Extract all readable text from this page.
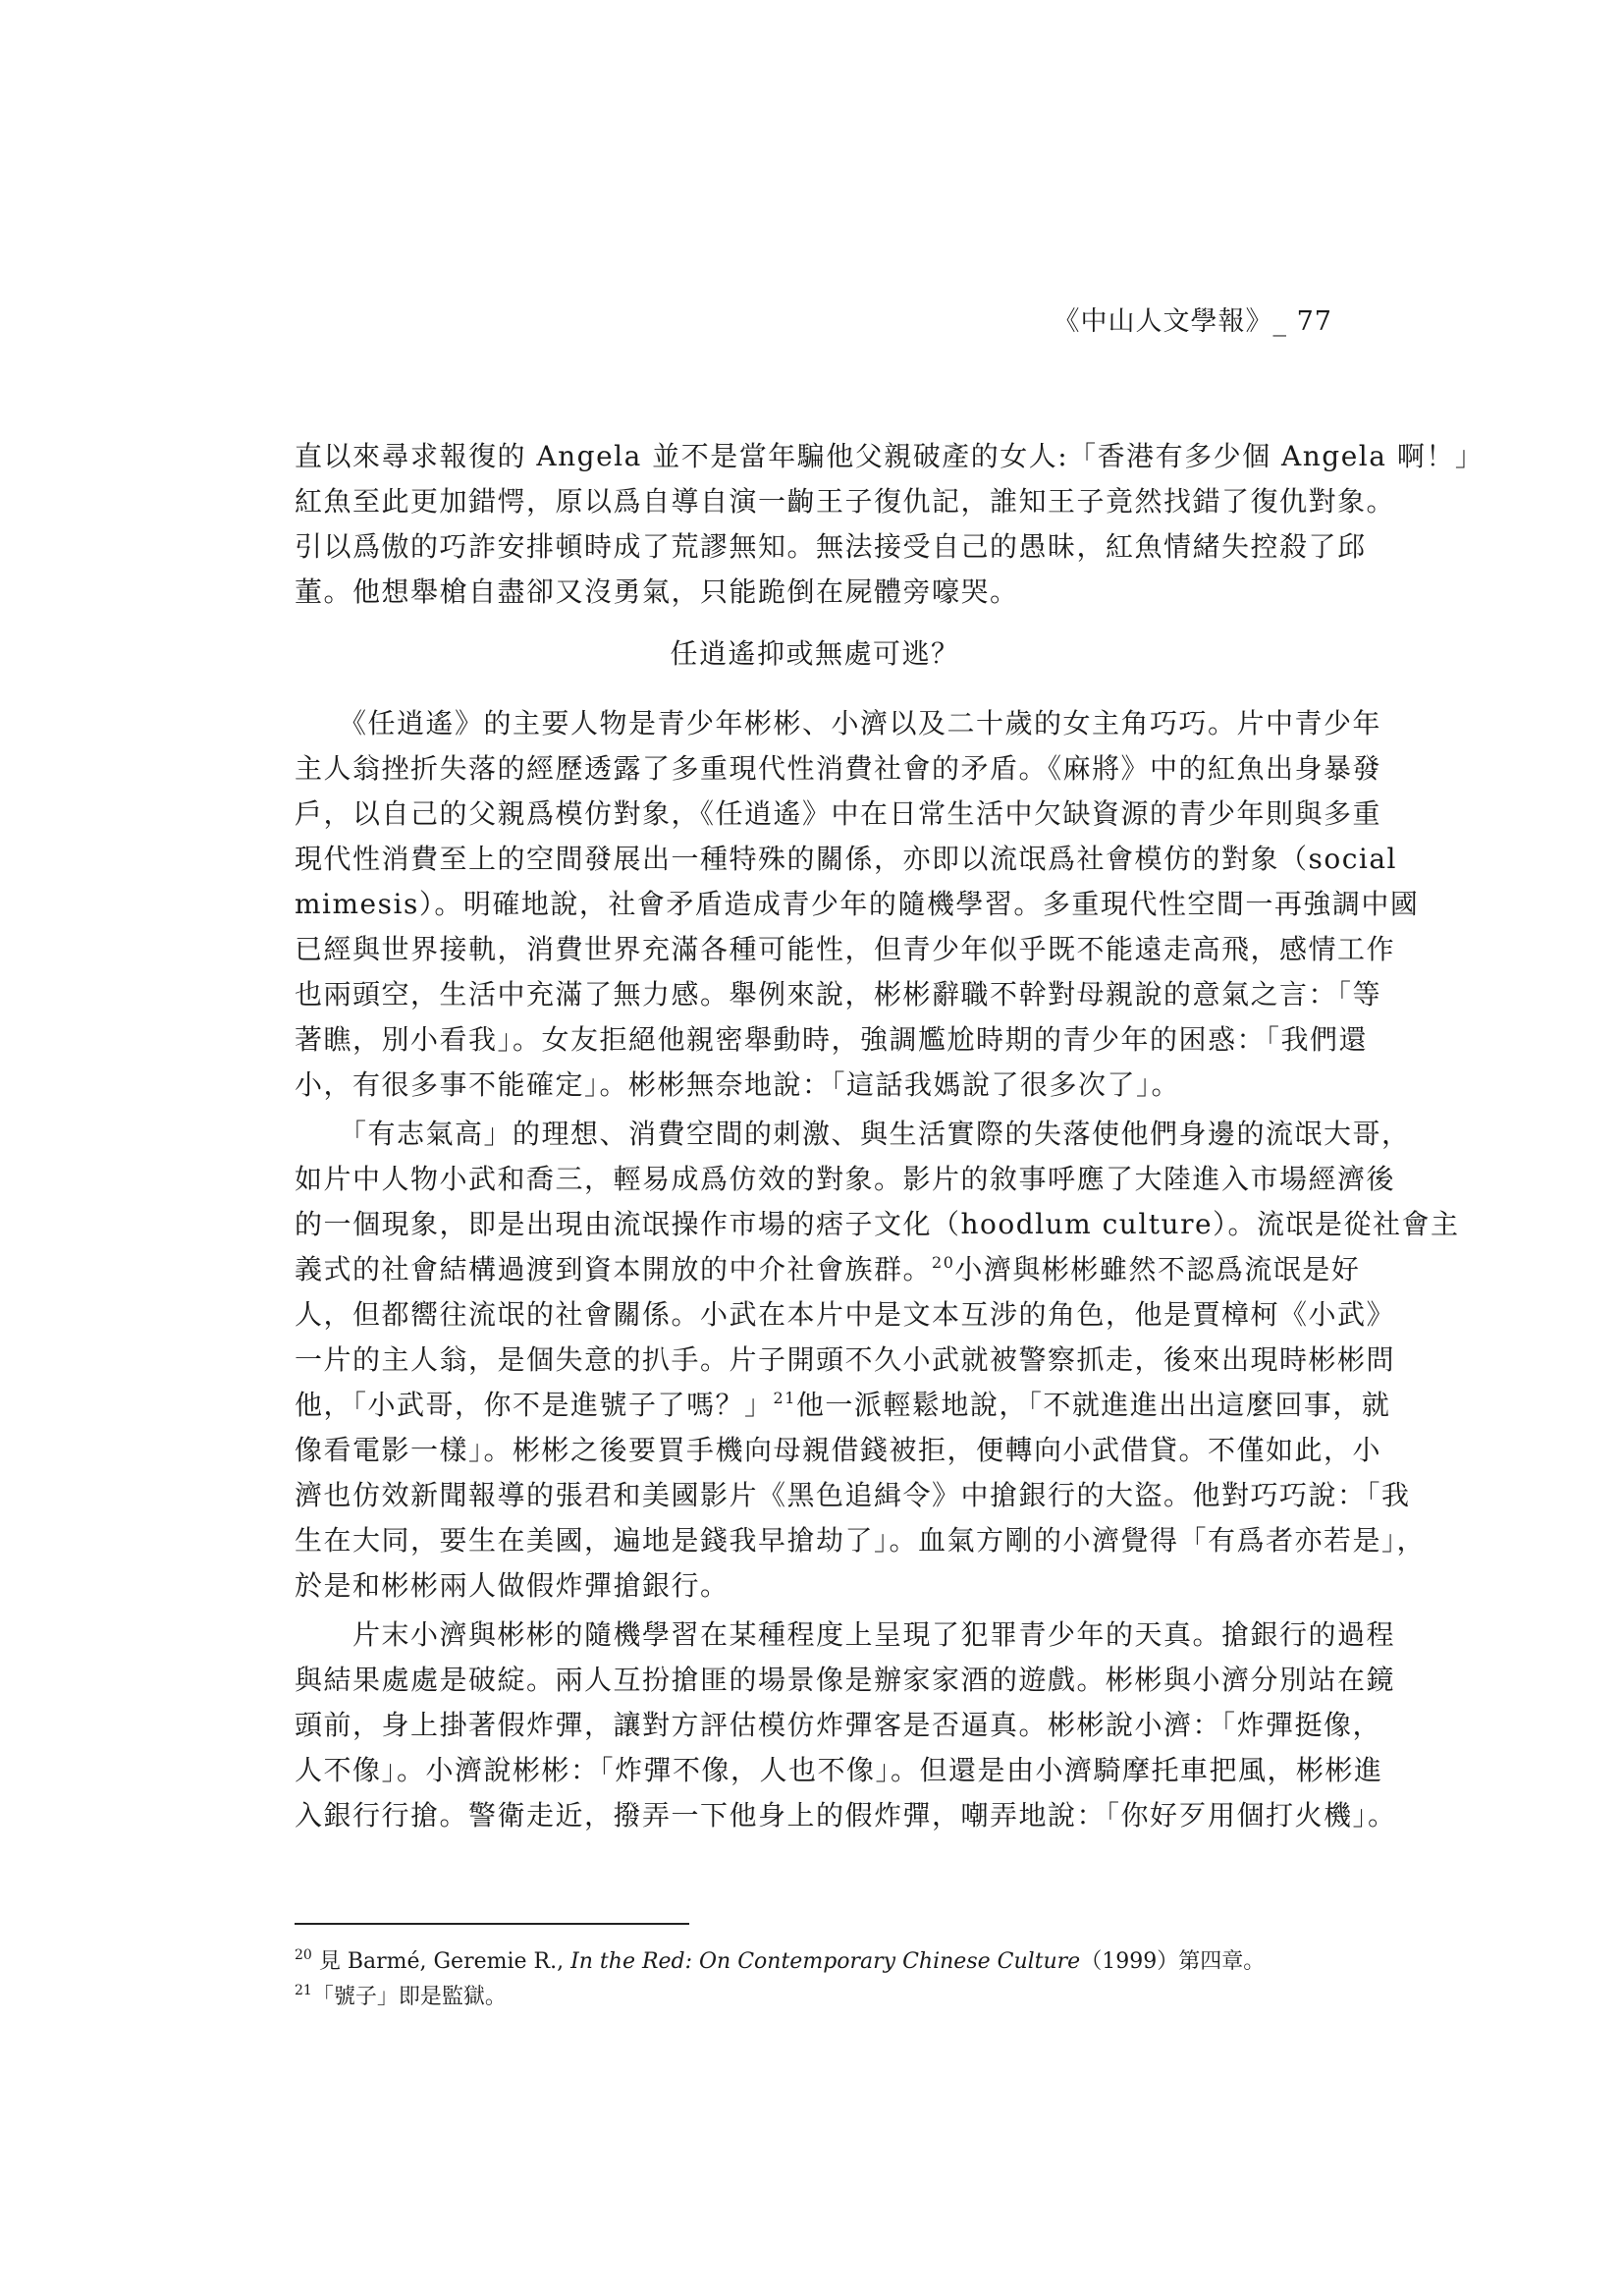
《中山人文學報》_ 77

直以來尋求報復的 Angela 並不是當年騙他父親破產的女人:「香港有多少個 Angela 啊！」
紅魚至此更加錯愕，原以爲自導自演一齣王子復仇記，誰知王子竟然找錯了復仇對象。
引以爲傲的巧詐安排頓時成了荒謬無知。無法接受自己的愚昧，紅魚情緒失控殺了邱
董。他想舉槍自盡卻又沒勇氣，只能跪倒在屍體旁嚎哭。

任逍遙抑或無處可逃？

　　《任逍遙》的主要人物是青少年彬彬、小濟以及二十歲的女主角巧巧。片中青少年
主人翁挫折失落的經歷透露了多重現代性消費社會的矛盾。《麻將》中的紅魚出身暴發
戶，以自己的父親爲模仿對象，《任逍遙》中在日常生活中欠缺資源的青少年則與多重
現代性消費至上的空間發展出一種特殊的關係，亦即以流氓爲社會模仿的對象（social
mimesis）。明確地說，社會矛盾造成青少年的隨機學習。多重現代性空間一再強調中國
已經與世界接軌，消費世界充滿各種可能性，但青少年似乎既不能遠走高飛，感情工作
也兩頭空，生活中充滿了無力感。舉例來說，彬彬辭職不幹對母親說的意氣之言：「等
著瞧，別小看我」。女友拒絕他親密舉動時，強調尷尬時期的青少年的困惑：「我們還
小，有很多事不能確定」。彬彬無奈地說：「這話我媽說了很多次了」。

　　「有志氣高」的理想、消費空間的刺激、與生活實際的失落使他們身邊的流氓大哥，
如片中人物小武和喬三，輕易成爲仿效的對象。影片的敘事呼應了大陸進入市場經濟後
的一個現象，即是出現由流氓操作市場的痞子文化（hoodlum culture）。流氓是從社會主
義式的社會結構過渡到資本開放的中介社會族群。$^{20}$小濟與彬彬雖然不認爲流氓是好
人，但都嚮往流氓的社會關係。小武在本片中是文本互涉的角色，他是賈樟柯《小武》
一片的主人翁，是個失意的扒手。片子開頭不久小武就被警察抓走，後來出現時彬彬問
他，「小武哥，你不是進號子了嗎？」$^{21}$他一派輕鬆地說，「不就進進出出這麼回事，就
像看電影一樣」。彬彬之後要買手機向母親借錢被拒，便轉向小武借貸。不僅如此，小
濟也仿效新聞報導的張君和美國影片《黑色追緝令》中搶銀行的大盜。他對巧巧說：「我
生在大同，要生在美國，遍地是錢我早搶劫了」。血氣方剛的小濟覺得「有爲者亦若是」，
於是和彬彬兩人做假炸彈搶銀行。

　　片末小濟與彬彬的隨機學習在某種程度上呈現了犯罪青少年的天真。搶銀行的過程
與結果處處是破綻。兩人互扮搶匪的場景像是辦家家酒的遊戲。彬彬與小濟分別站在鏡
頭前，身上掛著假炸彈，讓對方評估模仿炸彈客是否逼真。彬彬說小濟：「炸彈挺像，
人不像」。小濟說彬彬：「炸彈不像，人也不像」。但還是由小濟騎摩托車把風，彬彬進
入銀行行搶。警衛走近，撥弄一下他身上的假炸彈，嘲弄地說：「你好歹用個打火機」。

$^{20}$ 見 Barmé, Geremie R., In the Red: On Contemporary Chinese Culture（1999）第四章。
$^{21}$「號子」即是監獄。
